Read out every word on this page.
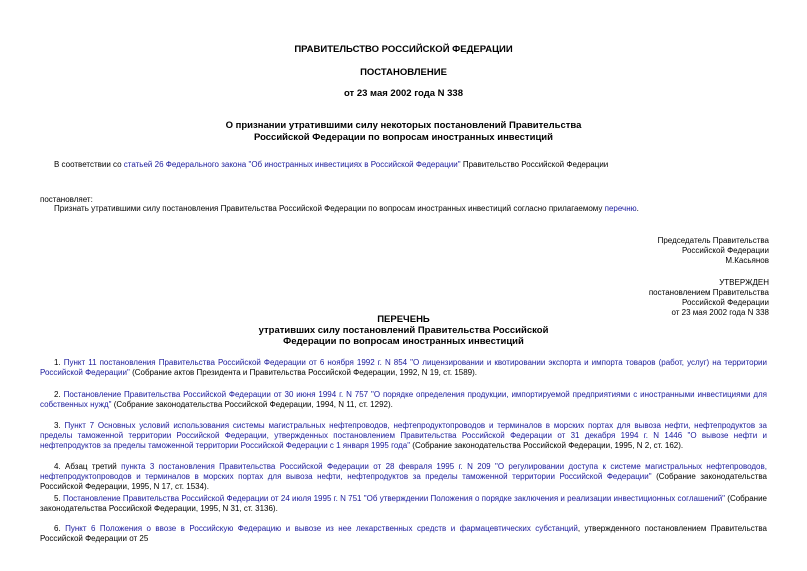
ПРАВИТЕЛЬСТВО РОССИЙСКОЙ ФЕДЕРАЦИИ
ПОСТАНОВЛЕНИЕ
от 23 мая 2002 года N 338
О признании утратившими силу некоторых постановлений Правительства
Российской Федерации по вопросам иностранных инвестиций
В соответствии со статьей 26 Федерального закона "Об иностранных инвестициях в Российской Федерации" Правительство Российской Федерации
постановляет:
Признать утратившими силу постановления Правительства Российской Федерации по вопросам иностранных инвестиций согласно прилагаемому перечню.
Председатель Правительства
Российской Федерации
М.Касьянов
УТВЕРЖДЕН
постановлением Правительства
Российской Федерации
от 23 мая 2002 года N 338
ПЕРЕЧЕНЬ
утративших силу постановлений Правительства Российской
Федерации по вопросам иностранных инвестиций
1. Пункт 11 постановления Правительства Российской Федерации от 6 ноября 1992 г. N 854 "О лицензировании и квотировании экспорта и импорта товаров (работ, услуг) на территории Российской Федерации" (Собрание актов Президента и Правительства Российской Федерации, 1992, N 19, ст. 1589).
2. Постановление Правительства Российской Федерации от 30 июня 1994 г. N 757 "О порядке определения продукции, импортируемой предприятиями с иностранными инвестициями для собственных нужд" (Собрание законодательства Российской Федерации, 1994, N 11, ст. 1292).
3. Пункт 7 Основных условий использования системы магистральных нефтепроводов, нефтепродуктопроводов и терминалов в морских портах для вывоза нефти, нефтепродуктов за пределы таможенной территории Российской Федерации, утвержденных постановлением Правительства Российской Федерации от 31 декабря 1994 г. N 1446 "О вывозе нефти и нефтепродуктов за пределы таможенной территории Российской Федерации с 1 января 1995 года" (Собрание законодательства Российской Федерации, 1995, N 2, ст. 162).
4. Абзац третий пункта 3 постановления Правительства Российской Федерации от 28 февраля 1995 г. N 209 "О регулировании доступа к системе магистральных нефтепроводов, нефтепродуктопроводов и терминалов в морских портах для вывоза нефти, нефтепродуктов за пределы таможенной территории Российской Федерации" (Собрание законодательства Российской Федерации, 1995, N 17, ст. 1534).
5. Постановление Правительства Российской Федерации от 24 июля 1995 г. N 751 "Об утверждении Положения о порядке заключения и реализации инвестиционных соглашений" (Собрание законодательства Российской Федерации, 1995, N 31, ст. 3136).
6. Пункт 6 Положения о ввозе в Российскую Федерацию и вывозе из нее лекарственных средств и фармацевтических субстанций, утвержденного постановлением Правительства Российской Федерации от 25
